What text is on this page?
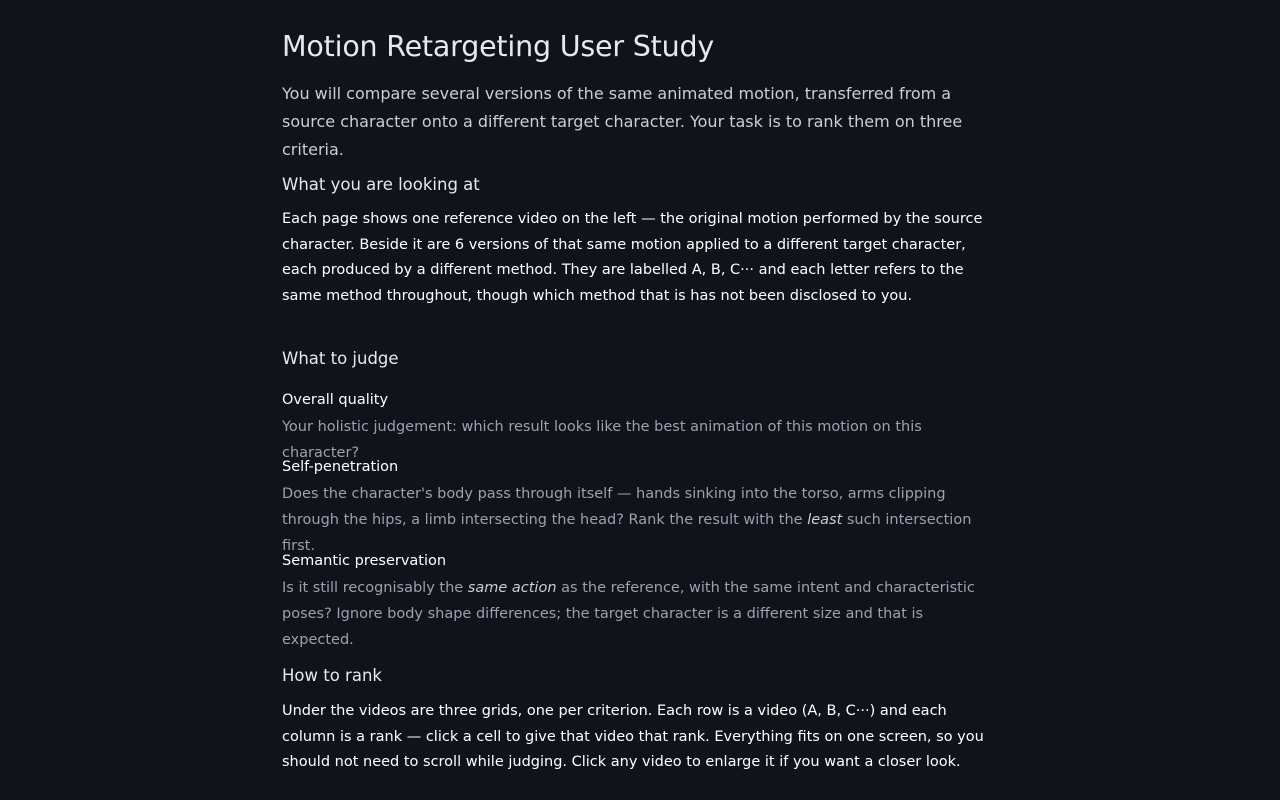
Motion Retargeting User Study

You will compare several versions of the same animated motion, transferred from a source character onto a different target character. Your task is to rank them on three criteria.

What you are looking at

Each page shows one reference video on the left — the original motion performed by the source character. Beside it are 6 versions of that same motion applied to a different target character, each produced by a different method. They are labelled A, B, C··· and each letter refers to the same method throughout, though which method that is has not been disclosed to you.

What to judge
Overall quality

Your holistic judgement: which result looks like the best animation of this motion on this character?

Self-penetration

Does the character's body pass through itself — hands sinking into the torso, arms clipping through the hips, a limb intersecting the head? Rank the result with the least such intersection first.

Semantic preservation

Is it still recognisably the same action as the reference, with the same intent and characteristic poses? Ignore body shape differences; the target character is a different size and that is expected.

How to rank

Under the videos are three grids, one per criterion. Each row is a video (A, B, C···) and each column is a rank — click a cell to give that video that rank. Everything fits on one screen, so you should not need to scroll while judging. Click any video to enlarge it if you want a closer look.
